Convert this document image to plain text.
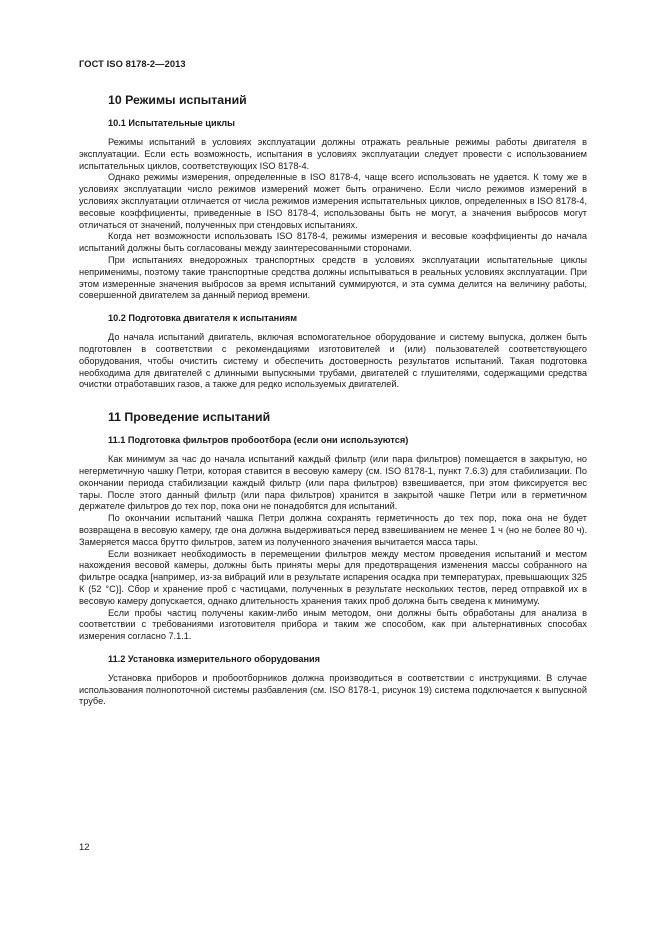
ГОСТ ISO 8178-2—2013
10 Режимы испытаний
10.1 Испытательные циклы

Режимы испытаний в условиях эксплуатации должны отражать реальные режимы работы двигателя в эксплуатации. Если есть возможность, испытания в условиях эксплуатации следует провести с использованием испытательных циклов, соответствующих ISO 8178-4.

Однако режимы измерения, определенные в ISO 8178-4, чаще всего использовать не удается. К тому же в условиях эксплуатации число режимов измерений может быть ограничено. Если число режимов измерений в условиях эксплуатации отличается от числа режимов измерения испытательных циклов, определенных в ISO 8178-4, весовые коэффициенты, приведенные в ISO 8178-4, использованы быть не могут, а значения выбросов могут отличаться от значений, полученных при стендовых испытаниях.

Когда нет возможности использовать ISO 8178-4, режимы измерения и весовые коэффициенты до начала испытаний должны быть согласованы между заинтересованными сторонами.

При испытаниях внедорожных транспортных средств в условиях эксплуатации испытательные циклы неприменимы, поэтому такие транспортные средства должны испытываться в реальных условиях эксплуатации. При этом измеренные значения выбросов за время испытаний суммируются, и эта сумма делится на величину работы, совершенной двигателем за данный период времени.

10.2 Подготовка двигателя к испытаниям

До начала испытаний двигатель, включая вспомогательное оборудование и систему выпуска, должен быть подготовлен в соответствии с рекомендациями изготовителей и (или) пользователей соответствующего оборудования, чтобы очистить систему и обеспечить достоверность результатов испытаний. Такая подготовка необходима для двигателей с длинными выпускными трубами, двигателей с глушителями, содержащими средства очистки отработавших газов, а также для редко используемых двигателей.

11 Проведение испытаний
11.1 Подготовка фильтров пробоотбора (если они используются)

Как минимум за час до начала испытаний каждый фильтр (или пара фильтров) помещается в закрытую, но негерметичную чашку Петри, которая ставится в весовую камеру (см. ISO 8178-1, пункт 7.6.3) для стабилизации. По окончании периода стабилизации каждый фильтр (или пара фильтров) взвешивается, при этом фиксируется вес тары. После этого данный фильтр (или пара фильтров) хранится в закрытой чашке Петри или в герметичном держателе фильтров до тех пор, пока они не понадобятся для испытаний.

По окончании испытаний чашка Петри должна сохранять герметичность до тех пор, пока она не будет возвращена в весовую камеру, где она должна выдерживаться перед взвешиванием не менее 1 ч (но не более 80 ч). Замеряется масса брутто фильтров, затем из полученного значения вычитается масса тары.

Если возникает необходимость в перемещении фильтров между местом проведения испытаний и местом нахождения весовой камеры, должны быть приняты меры для предотвращения изменения массы собранного на фильтре осадка [например, из-за вибраций или в результате испарения осадка при температурах, превышающих 325 К (52 °С)]. Сбор и хранение проб с частицами, полученных в результате нескольких тестов, перед отправкой их в весовую камеру допускается, однако длительность хранения таких проб должна быть сведена к минимуму.

Если пробы частиц получены каким-либо иным методом, они должны быть обработаны для анализа в соответствии с требованиями изготовителя прибора и таким же способом, как при альтернативных способах измерения согласно 7.1.1.

11.2 Установка измерительного оборудования

Установка приборов и пробоотборников должна производиться в соответствии с инструкциями. В случае использования полнопоточной системы разбавления (см. ISO 8178-1, рисунок 19) система подключается к выпускной трубе.

12
